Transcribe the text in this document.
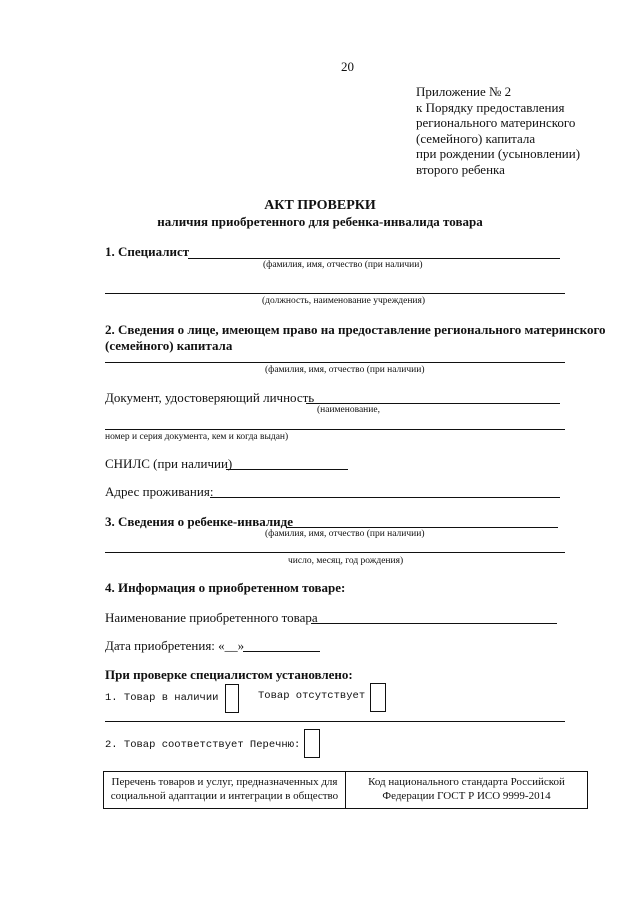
20
Приложение № 2
к Порядку предоставления
регионального материнского
(семейного) капитала
при рождении (усыновлении)
второго ребенка
АКТ ПРОВЕРКИ
наличия приобретенного для ребенка-инвалида товара
1. Специалист
(фамилия, имя, отчество (при наличии)
(должность, наименование учреждения)
2. Сведения о лице, имеющем право на предоставление регионального материнского
(семейного) капитала
(фамилия, имя, отчество (при наличии)
Документ, удостоверяющий личность
(наименование,
номер и серия документа, кем и когда выдан)
СНИЛС (при наличии)
Адрес проживания:
3. Сведения о ребенке-инвалиде
(фамилия, имя, отчество (при наличии)
число, месяц, год рождения)
4. Информация о приобретенном товаре:
Наименование приобретенного товара
Дата приобретения: «__»
При проверке специалистом установлено:
1. Товар в наличии	Товар отсутствует
2. Товар соответствует Перечню:
Перечень товаров и услуг, предназначенных для социальной адаптации и интеграции в общество
Код национального стандарта Российской Федерации ГОСТ Р ИСО 9999-2014
